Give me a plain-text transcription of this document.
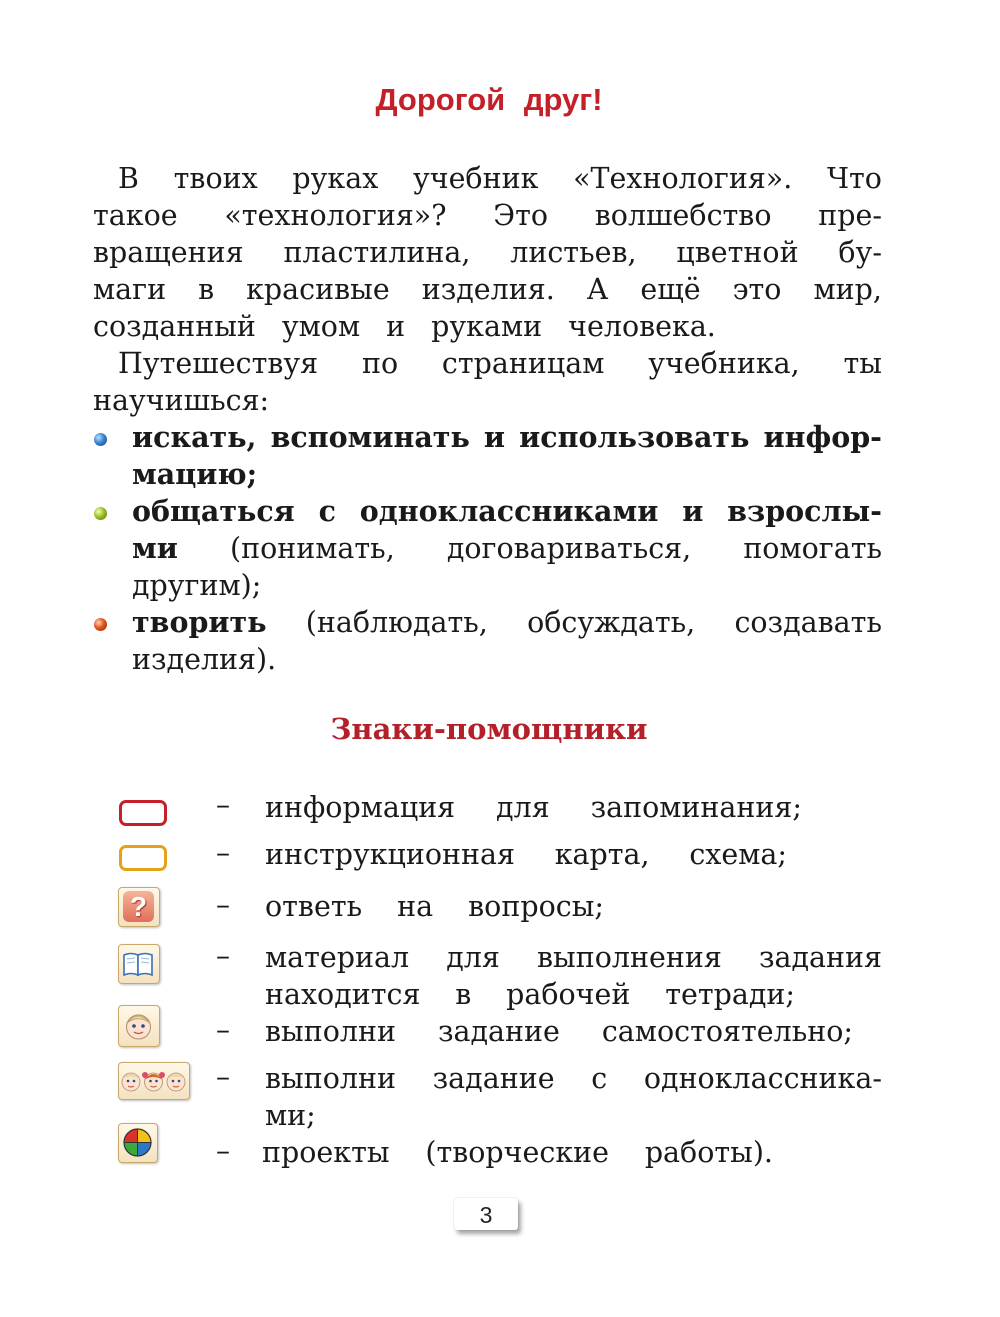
Дорогой друг!
В твоих руках учебник «Технология». Что
такое «технология»? Это волшебство пре-
вращения пластилина, листьев, цветной бу-
маги в красивые изделия. А ещё это мир,
созданный умом и руками человека.
Путешествуя по страницам учебника, ты
научишься:
искать, вспоминать и использовать инфор-
мацию;
общаться с одноклассниками и взрослы-
ми (понимать, договариваться, помогать
другим);
творить (наблюдать, обсуждать, создавать
изделия).
Знаки-помощники
?
–
–
–
–
–
–
–
информация для запоминания;
инструкционная карта, схема;
ответь на вопросы;
материал для выполнения задания
находится в рабочей тетради;
выполни задание самостоятельно;
выполни задание с одноклассника-
ми;
проекты (творческие работы).
3
